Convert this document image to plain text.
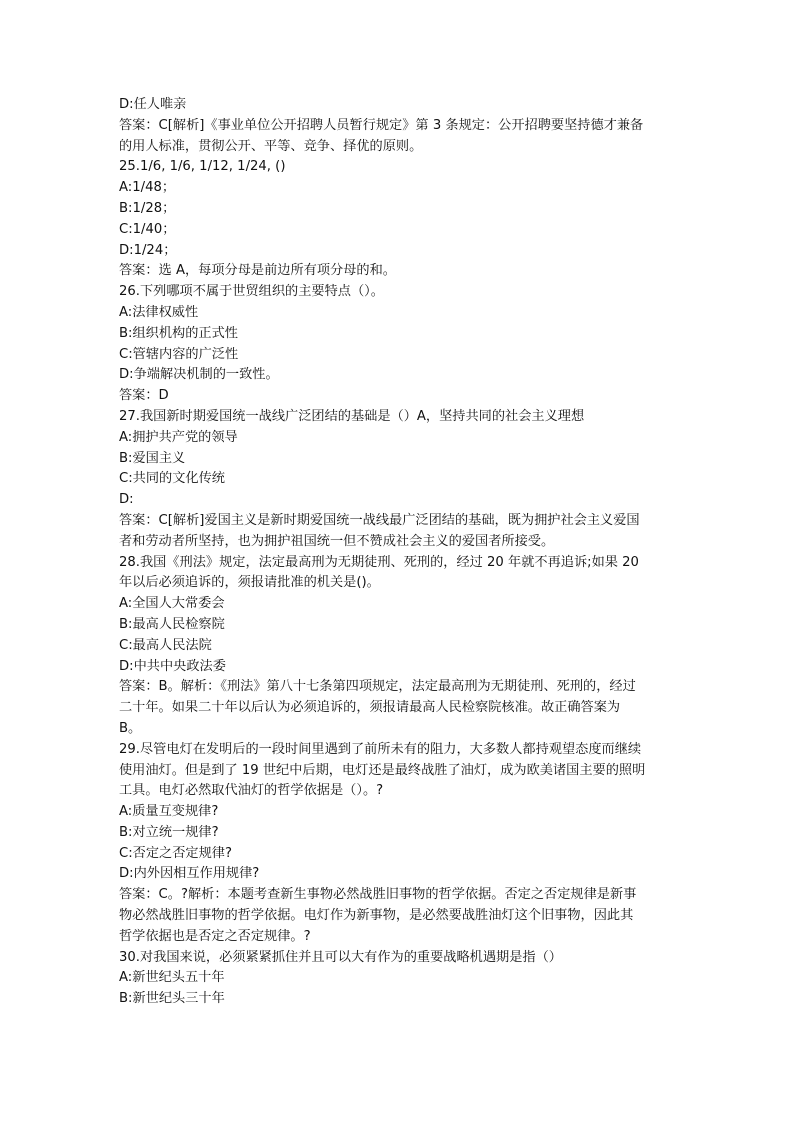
D:任人唯亲
答案：C[解析]《事业单位公开招聘人员暂行规定》第 3 条规定：公开招聘要坚持德才兼备
的用人标准，贯彻公开、平等、竞争、择优的原则。
25.1/6, 1/6, 1/12, 1/24, ()
A:1/48；
B:1/28；
C:1/40；
D:1/24；
答案：选 A，每项分母是前边所有项分母的和。
26.下列哪项不属于世贸组织的主要特点（）。
A:法律权威性
B:组织机构的正式性
C:管辖内容的广泛性
D:争端解决机制的一致性。
答案：D
27.我国新时期爱国统一战线广泛团结的基础是（）A，坚持共同的社会主义理想
A:拥护共产党的领导
B:爱国主义
C:共同的文化传统
D:
答案：C[解析]爱国主义是新时期爱国统一战线最广泛团结的基础，既为拥护社会主义爱国
者和劳动者所坚持，也为拥护祖国统一但不赞成社会主义的爱国者所接受。
28.我国《刑法》规定，法定最高刑为无期徒刑、死刑的，经过 20 年就不再追诉;如果 20
年以后必须追诉的，须报请批准的机关是()。
A:全国人大常委会
B:最高人民检察院
C:最高人民法院
D:中共中央政法委
答案：B。解析：《刑法》第八十七条第四项规定，法定最高刑为无期徒刑、死刑的，经过
二十年。如果二十年以后认为必须追诉的，须报请最高人民检察院核准。故正确答案为
B。
29.尽管电灯在发明后的一段时间里遇到了前所未有的阻力，大多数人都持观望态度而继续
使用油灯。但是到了 19 世纪中后期，电灯还是最终战胜了油灯，成为欧美诸国主要的照明
工具。电灯必然取代油灯的哲学依据是（）。?
A:质量互变规律?
B:对立统一规律?
C:否定之否定规律?
D:内外因相互作用规律?
答案：C。?解析：本题考查新生事物必然战胜旧事物的哲学依据。否定之否定规律是新事
物必然战胜旧事物的哲学依据。电灯作为新事物，是必然要战胜油灯这个旧事物，因此其
哲学依据也是否定之否定规律。?
30.对我国来说，必须紧紧抓住并且可以大有作为的重要战略机遇期是指（）
A:新世纪头五十年
B:新世纪头三十年
